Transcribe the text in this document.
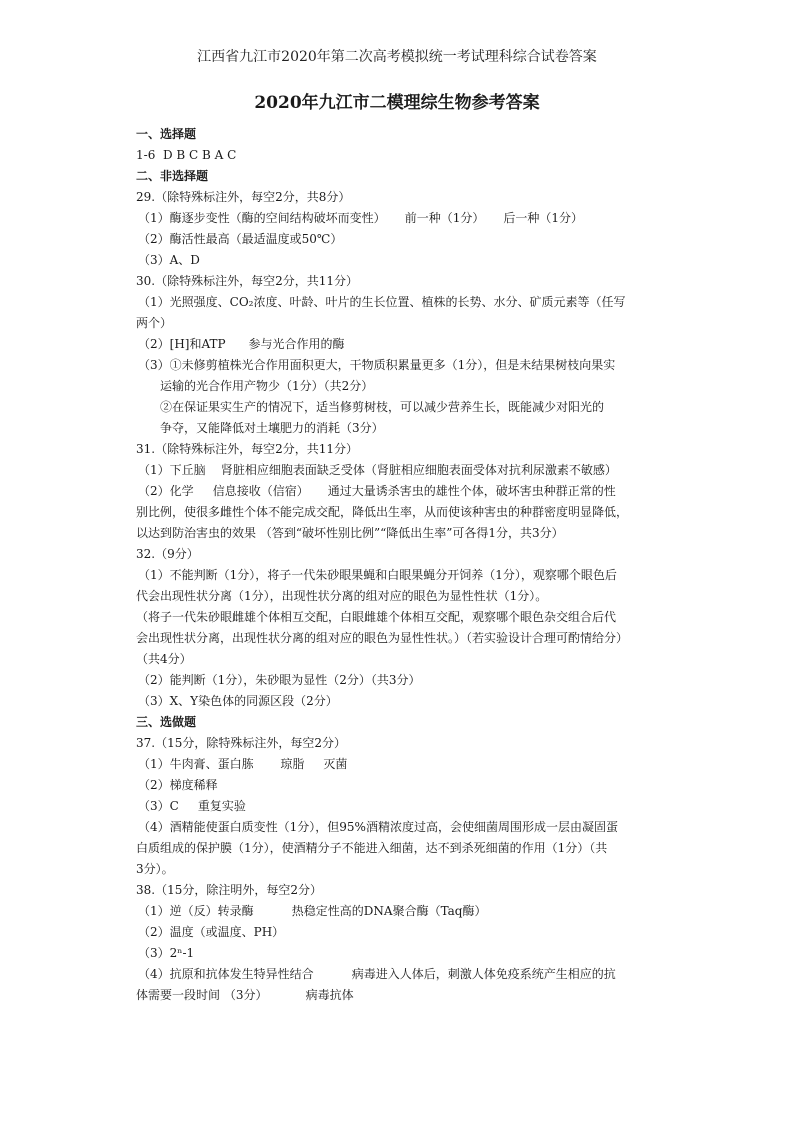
江西省九江市2020年第二次高考模拟统一考试理科综合试卷答案
2020年九江市二模理综生物参考答案

一、选择题

1-6  D B C B A C

二、非选择题

29.（除特殊标注外，每空2分，共8分）

（1）酶逐步变性（酶的空间结构破坏而变性）     前一种（1分）     后一种（1分）

（2）酶活性最高（最适温度或50℃）

（3）A、D

30.（除特殊标注外，每空2分，共11分）

（1）光照强度、CO₂浓度、叶龄、叶片的生长位置、植株的长势、水分、矿质元素等（任写

两个）

（2）[H]和ATP      参与光合作用的酶

（3）①未修剪植株光合作用面积更大，干物质积累量更多（1分），但是未结果树枝向果实

运输的光合作用产物少（1分）（共2分）

②在保证果实生产的情况下，适当修剪树枝，可以减少营养生长，既能减少对阳光的

争夺，又能降低对土壤肥力的消耗（3分）

31.（除特殊标注外，每空2分，共11分）

（1）下丘脑    肾脏相应细胞表面缺乏受体（肾脏相应细胞表面受体对抗利尿激素不敏感）

（2）化学     信息接收（信宿）     通过大量诱杀害虫的雄性个体，破坏害虫种群正常的性

别比例，使很多雌性个体不能完成交配，降低出生率，从而使该种害虫的种群密度明显降低，

以达到防治害虫的效果 （答到“破坏性别比例”“降低出生率”可各得1分，共3分）

32.（9分）

（1）不能判断（1分），将子一代朱砂眼果蝇和白眼果蝇分开饲养（1分），观察哪个眼色后

代会出现性状分离（1分），出现性状分离的组对应的眼色为显性性状（1分）。

（将子一代朱砂眼雌雄个体相互交配，白眼雌雄个体相互交配，观察哪个眼色杂交组合后代

会出现性状分离，出现性状分离的组对应的眼色为显性性状。）（若实验设计合理可酌情给分）

（共4分）

（2）能判断（1分），朱砂眼为显性（2分）（共3分）

（3）X、Y染色体的同源区段（2分）

三、选做题

37.（15分，除特殊标注外，每空2分）

（1）牛肉膏、蛋白胨       琼脂     灭菌

（2）梯度稀释

（3）C     重复实验

（4）酒精能使蛋白质变性（1分），但95%酒精浓度过高，会使细菌周围形成一层由凝固蛋

白质组成的保护膜（1分），使酒精分子不能进入细菌，达不到杀死细菌的作用（1分）（共

3分）。

38.（15分，除注明外，每空2分）

（1）逆（反）转录酶          热稳定性高的DNA聚合酶（Taq酶）

（2）温度（或温度、PH）

（3）2ⁿ-1

（4）抗原和抗体发生特异性结合          病毒进入人体后，刺激人体免疫系统产生相应的抗

体需要一段时间 （3分）          病毒抗体
